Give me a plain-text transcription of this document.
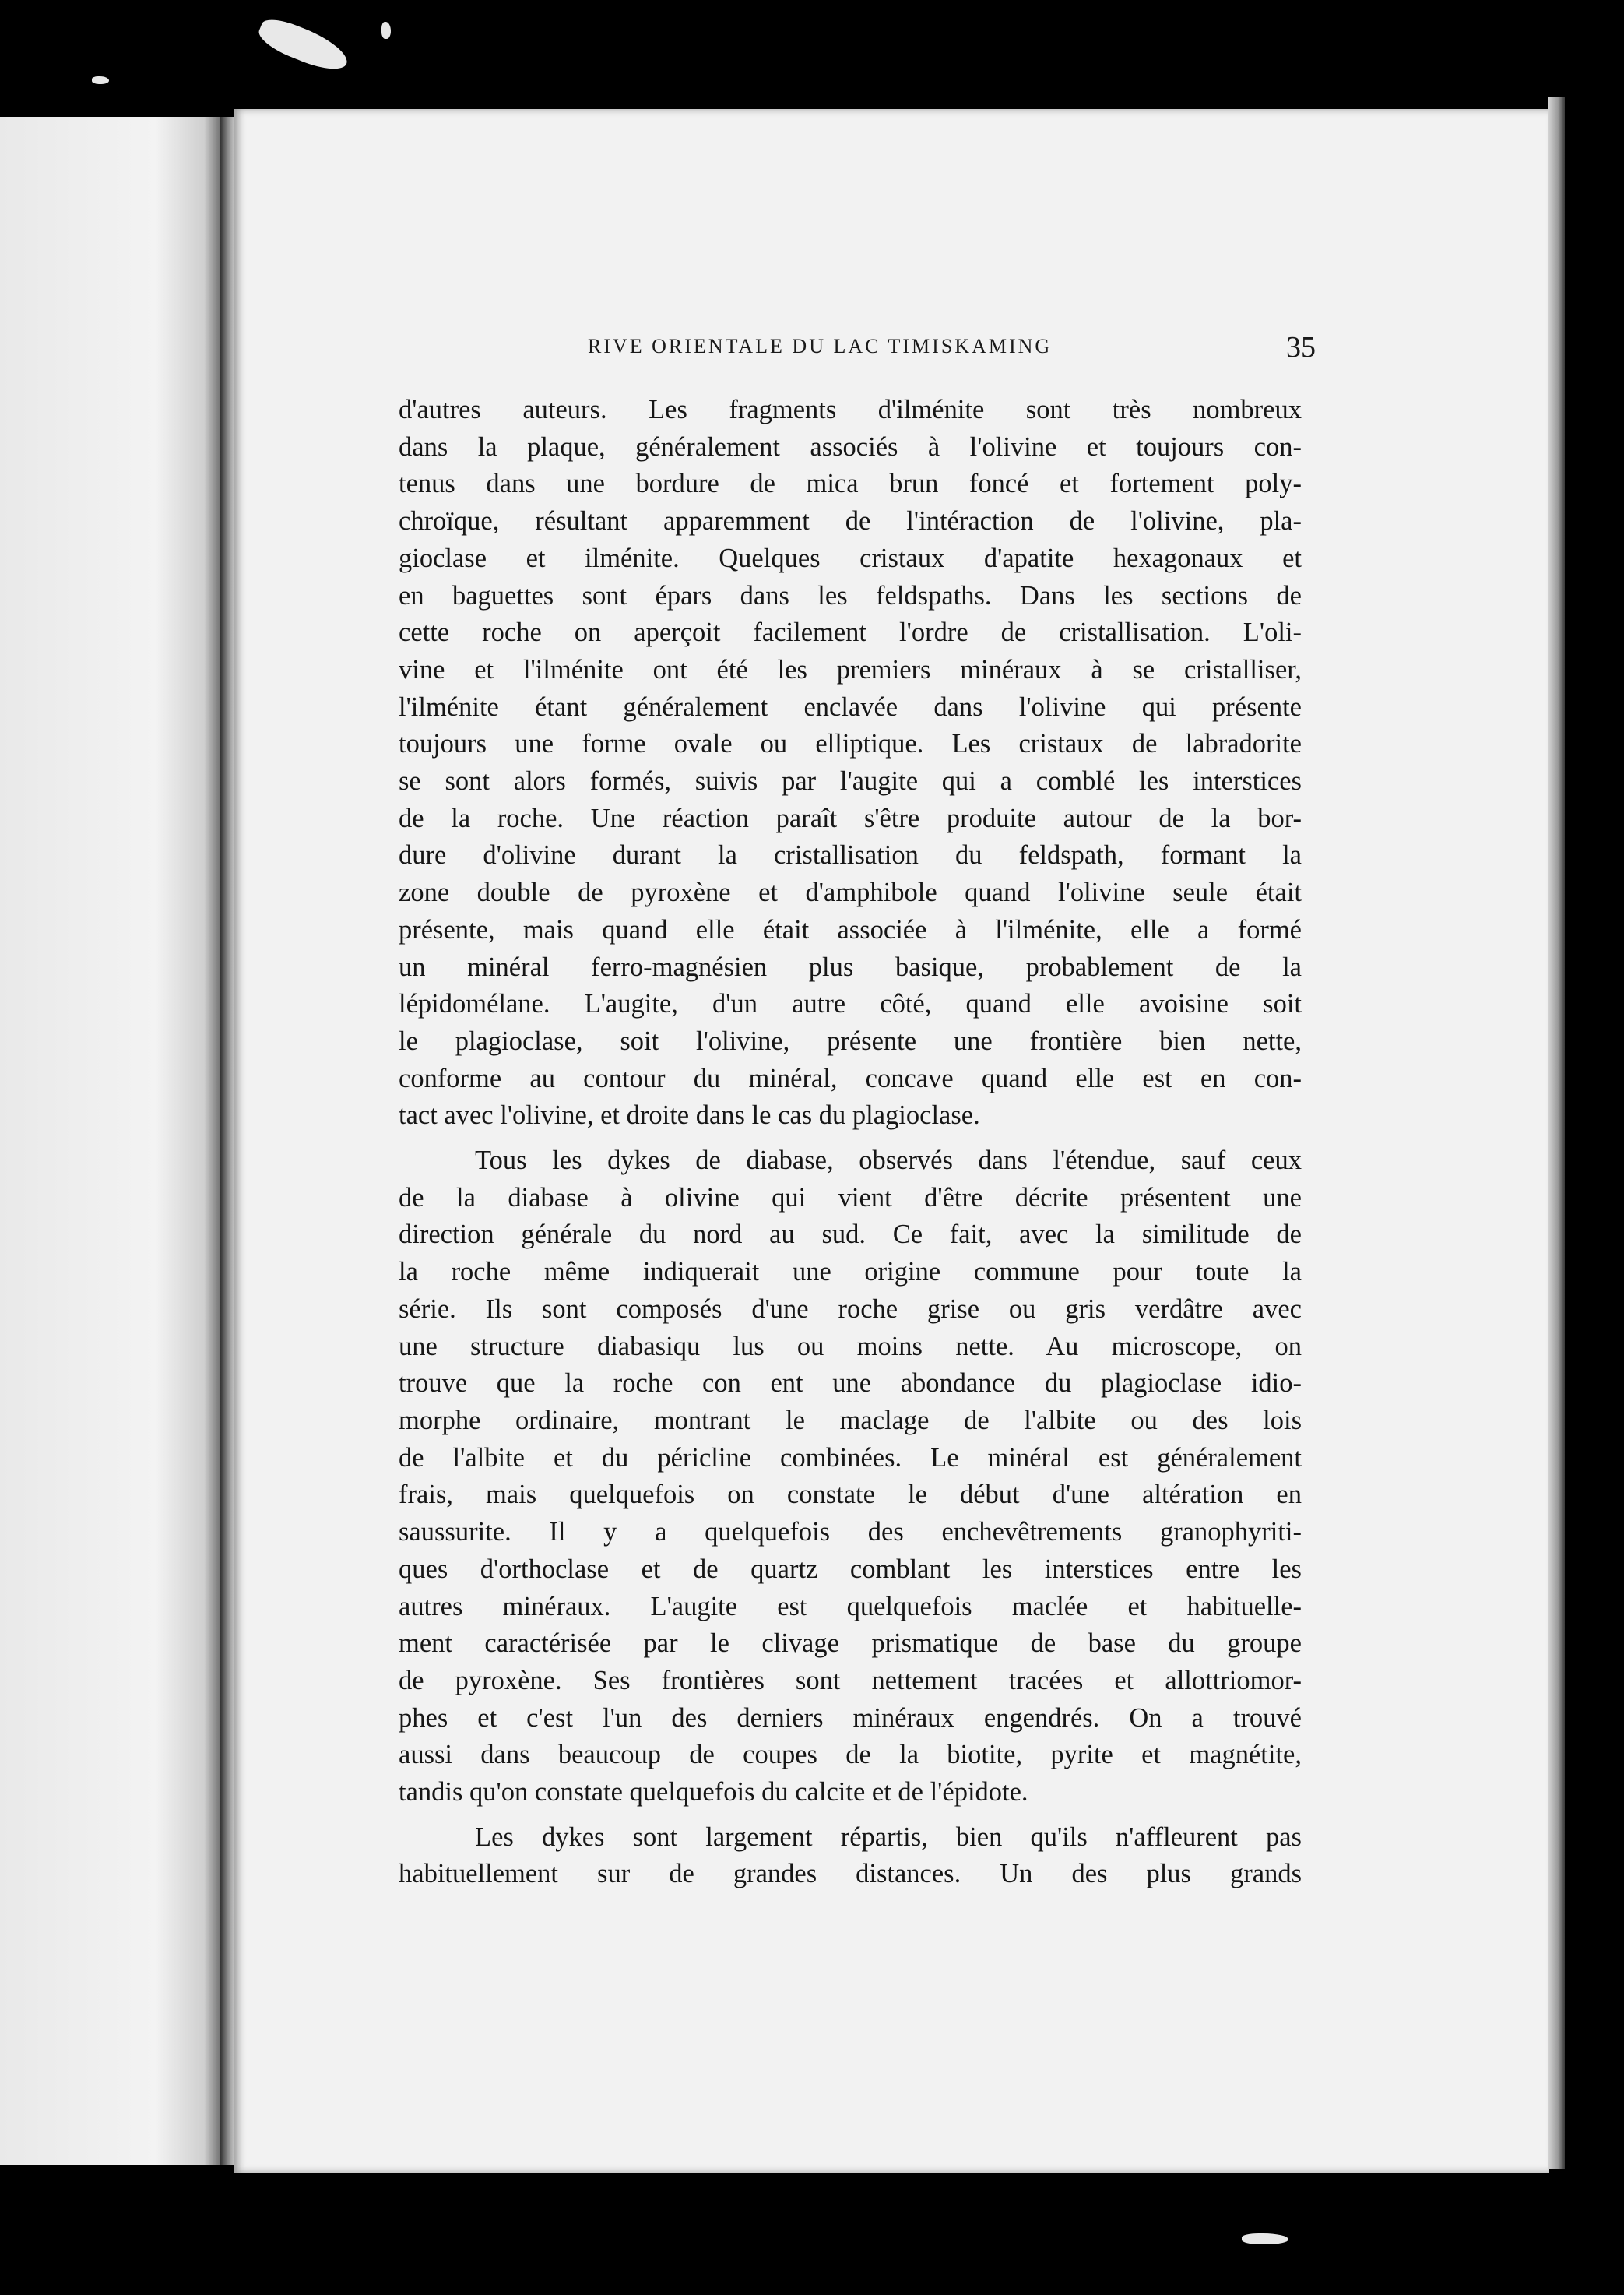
RIVE ORIENTALE DU LAC TIMISKAMING	35

d'autres auteurs. Les fragments d'ilménite sont très nombreux
dans la plaque, généralement associés à l'olivine et toujours con-
tenus dans une bordure de mica brun foncé et fortement poly-
chroïque, résultant apparemment de l'intéraction de l'olivine, pla-
gioclase et ilménite. Quelques cristaux d'apatite hexagonaux et
en baguettes sont épars dans les feldspaths. Dans les sections de
cette roche on aperçoit facilement l'ordre de cristallisation. L'oli-
vine et l'ilménite ont été les premiers minéraux à se cristalliser,
l'ilménite étant généralement enclavée dans l'olivine qui présente
toujours une forme ovale ou elliptique. Les cristaux de labradorite
se sont alors formés, suivis par l'augite qui a comblé les interstices
de la roche. Une réaction paraît s'être produite autour de la bor-
dure d'olivine durant la cristallisation du feldspath, formant la
zone double de pyroxène et d'amphibole quand l'olivine seule était
présente, mais quand elle était associée à l'ilménite, elle a formé
un minéral ferro-magnésien plus basique, probablement de la
lépidomélane. L'augite, d'un autre côté, quand elle avoisine soit
le plagioclase, soit l'olivine, présente une frontière bien nette,
conforme au contour du minéral, concave quand elle est en con-
tact avec l'olivine, et droite dans le cas du plagioclase.

Tous les dykes de diabase, observés dans l'étendue, sauf ceux
de la diabase à olivine qui vient d'être décrite présentent une
direction générale du nord au sud. Ce fait, avec la similitude de
la roche même indiquerait une origine commune pour toute la
série. Ils sont composés d'une roche grise ou gris verdâtre avec
une structure diabasiqu lus ou moins nette. Au microscope, on
trouve que la roche con ent une abondance du plagioclase idio-
morphe ordinaire, montrant le maclage de l'albite ou des lois
de l'albite et du péricline combinées. Le minéral est généralement
frais, mais quelquefois on constate le début d'une altération en
saussurite. Il y a quelquefois des enchevêtrements granophyriti-
ques d'orthoclase et de quartz comblant les interstices entre les
autres minéraux. L'augite est quelquefois maclée et habituelle-
ment caractérisée par le clivage prismatique de base du groupe
de pyroxène. Ses frontières sont nettement tracées et allottriomor-
phes et c'est l'un des derniers minéraux engendrés. On a trouvé
aussi dans beaucoup de coupes de la biotite, pyrite et magnétite,
tandis qu'on constate quelquefois du calcite et de l'épidote.

Les dykes sont largement répartis, bien qu'ils n'affleurent pas
habituellement sur de grandes distances. Un des plus grands
